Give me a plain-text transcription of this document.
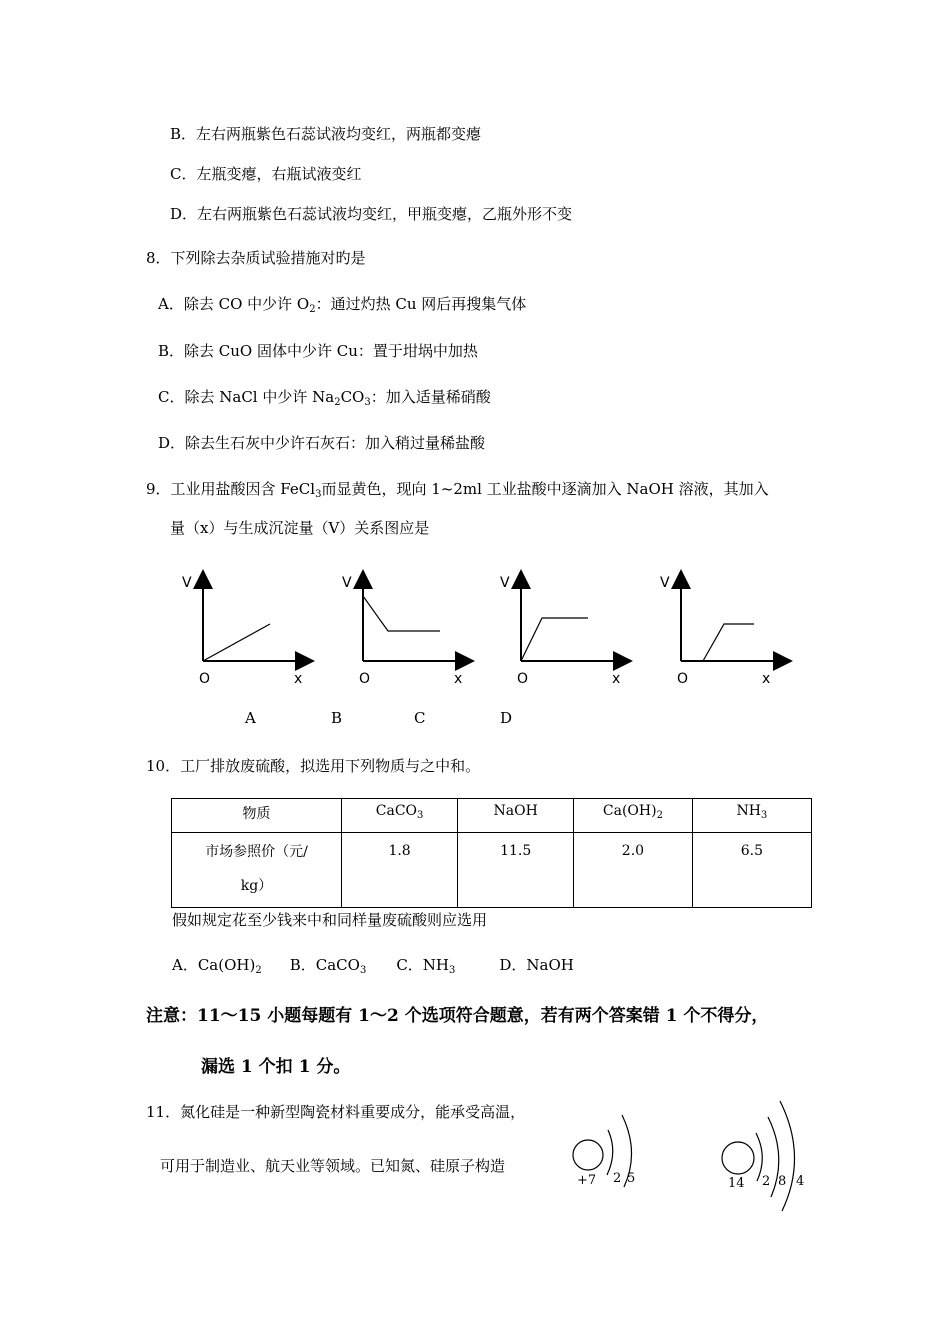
B．左右两瓶紫色石蕊试液均变红，两瓶都变瘪
C．左瓶变瘪，右瓶试液变红
D．左右两瓶紫色石蕊试液均变红，甲瓶变瘪，乙瓶外形不变
8．下列除去杂质试验措施对旳是
A．除去 CO 中少许 $O_2$：通过灼热 Cu 网后再搜集气体
B．除去 CuO 固体中少许 Cu：置于坩埚中加热
C．除去 NaCl 中少许 $Na_2CO_3$：加入适量稀硝酸
D．除去生石灰中少许石灰石：加入稍过量稀盐酸
9．工业用盐酸因含 FeCl$_3$而显黄色，现向 1~2ml 工业盐酸中逐滴加入 NaOH 溶液，其加入
量（x）与生成沉淀量（V）关系图应是
V
O	x
V
O	x
V
O	x
V
O	x
A	B	C	D
10．工厂排放废硫酸，拟选用下列物质与之中和。
物质	CaCO$_3$	NaOH	$Ca(OH)_2$	$NH_3$

市场参照价（元/
kg）	1.8	11.5	2.0	6.5
假如规定花至少钱来中和同样量废硫酸则应选用
A．$Ca(OH)_2$ B．CaCO$_3$ C．$NH_3$	D．NaOH
注意：11～15 小题每题有 1～2 个选项符合题意，若有两个答案错 1 个不得分，
漏选 1 个扣 1 分。
11．氮化硅是一种新型陶瓷材料重要成分，能承受高温，
可用于制造业、航天业等领域。已知氮、硅原子构造
+7 2 5	14 2 8 4
